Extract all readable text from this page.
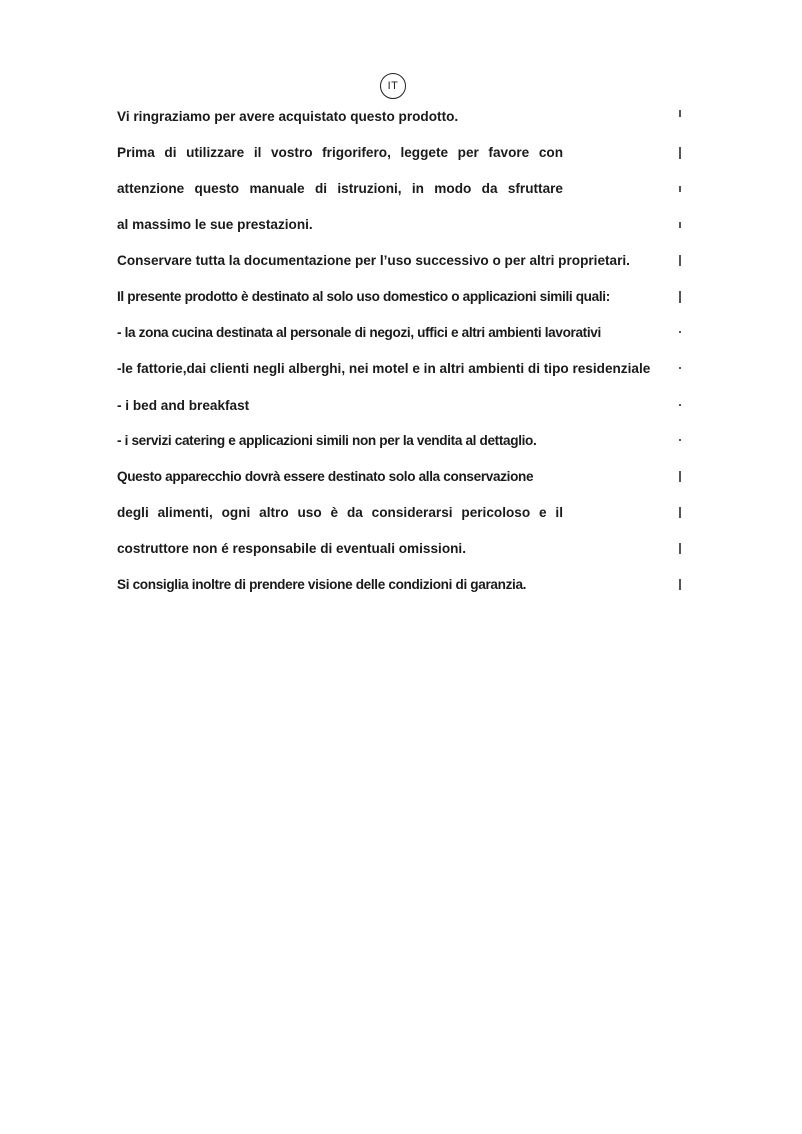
IT
Vi ringraziamo per avere acquistato questo prodotto.
Prima di utilizzare il vostro frigorifero, leggete per favore con
attenzione questo manuale di istruzioni, in modo da sfruttare
al massimo le sue prestazioni.
Conservare tutta la documentazione per l’uso successivo o per altri proprietari.
Il presente prodotto è destinato al solo uso domestico o applicazioni simili quali:
- la zona cucina destinata al personale di negozi, uffici e altri ambienti lavorativi
-le fattorie,dai clienti negli alberghi, nei motel e in altri ambienti di tipo residenziale
- i bed and breakfast
- i servizi catering e applicazioni simili non per la vendita al dettaglio.
Questo apparecchio dovrà essere destinato solo alla conservazione
degli alimenti, ogni altro uso è da considerarsi pericoloso e il
costruttore non é responsabile di eventuali omissioni.
Si consiglia inoltre di prendere visione delle condizioni di garanzia.
